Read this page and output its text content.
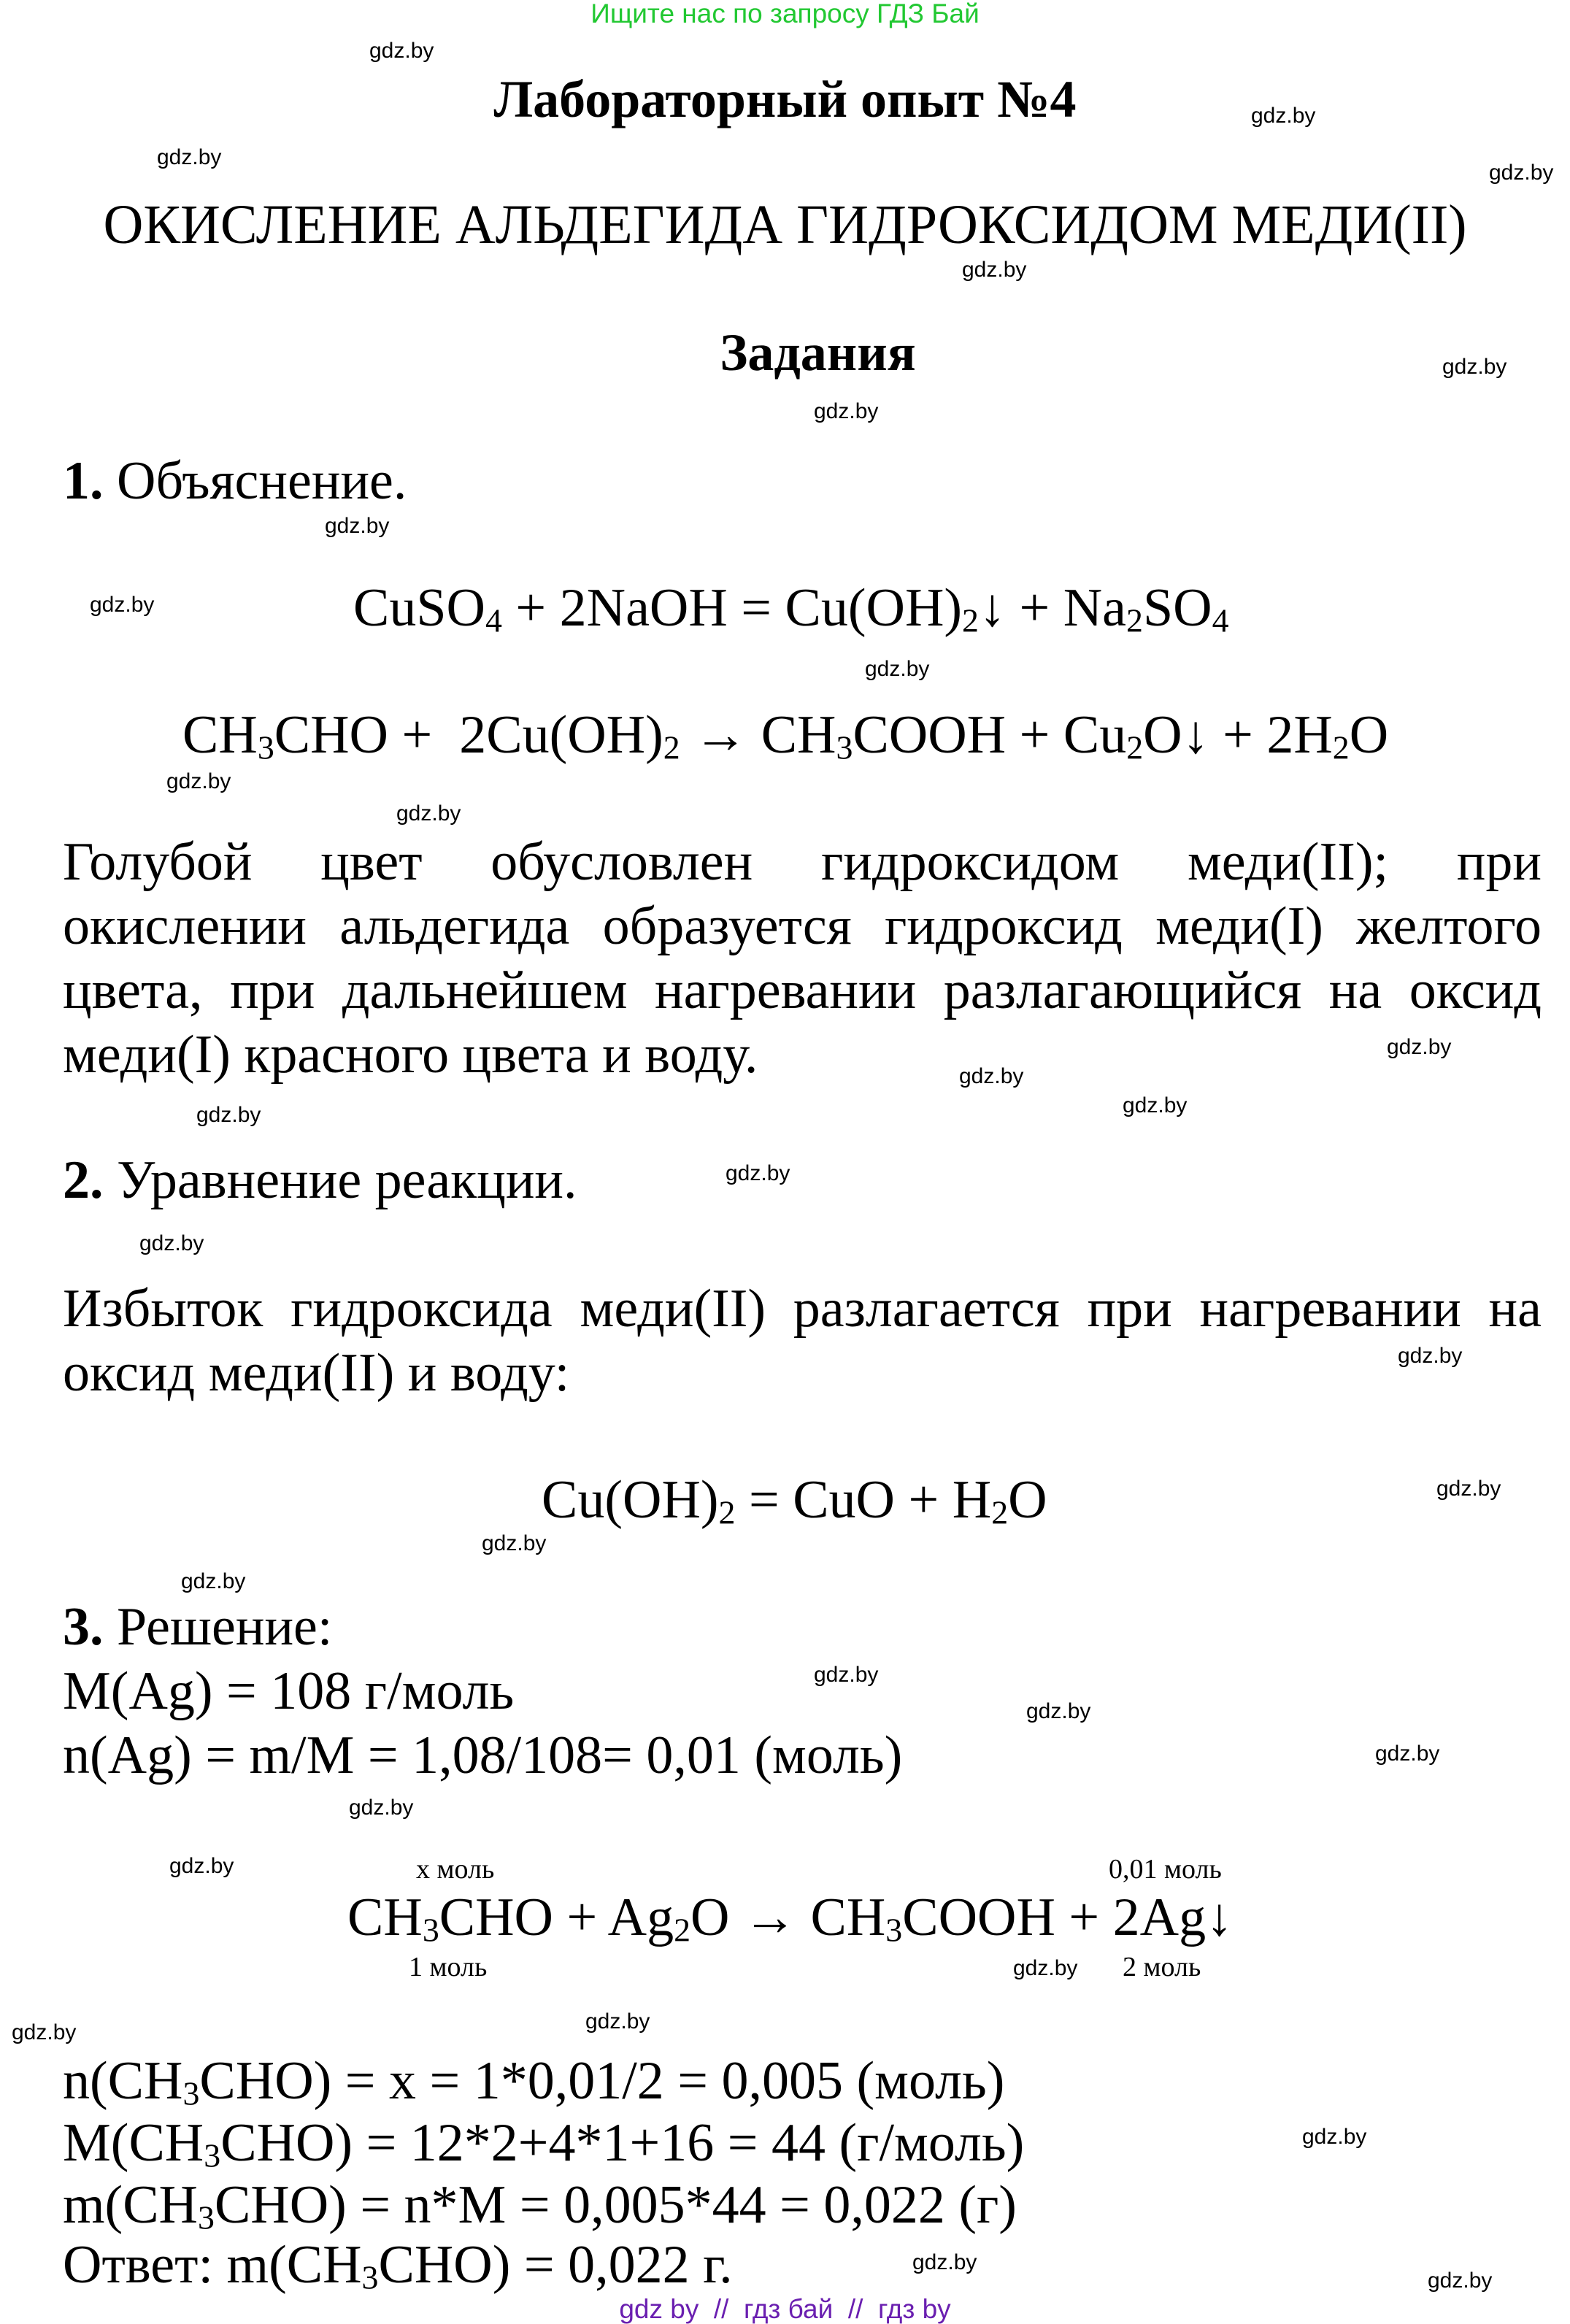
Ищите нас по запросу ГДЗ Бай
Лабораторный опыт №4
ОКИСЛЕНИЕ АЛЬДЕГИДА ГИДРОКСИДОМ МЕДИ(II)
Задания
1. Объяснение.
CuSO$_4$ + 2NaOH = $Cu(OH)_2↓ + Na_2SO_4$
$CH_3CHO + 2Cu(OH)_2$ → $CH_3COOH$ + $Cu_2O↓ + 2H_2O$
Голубой цвет обусловлен гидроксидом меди(II); при
окислении альдегида образуется гидроксид меди(I) желтого
цвета, при дальнейшем нагревании разлагающийся на оксид
меди(I) красного цвета и воду.
2. Уравнение реакции.
Избыток гидроксида меди(II) разлагается при нагревании на
оксид меди(II) и воду:
$Cu(OH)_2$ = CuO + $H_2O$
3. Решение:
M(Ag) = 108 г/моль
n(Ag) = m/M = 1,08/108= 0,01 (моль)
x моль	0,01 моль
$CH_3CHO + Ag_2O$ → $CH_3COOH$ + 2Ag↓
1 моль	2 моль
$n(CH_3CHO) = x = 1*0,01/2 = 0,005$ (моль)
$M(CH_3CHO) = 12*2+4*1+16 = 44$ (г/моль)
$m(CH_3CHO) = n*M = 0,005*44 = 0,022$ (г)
Ответ: $m(CH_3CHO) = 0,022$ г.
gdz.by
gdz.by
gdz.by
gdz.by
gdz.by
gdz.by
gdz.by
gdz.by
gdz.by
gdz.by
gdz.by
gdz.by
gdz.by
gdz.by
gdz.by
gdz.by
gdz.by
gdz.by
gdz.by
gdz.by
gdz.by
gdz.by
gdz.by
gdz.by
gdz.by
gdz.by
gdz.by
gdz.by
gdz.by
gdz.by
gdz.by
gdz.by
gdz.by
gdz by  //  гдз бай  //  гдз by
